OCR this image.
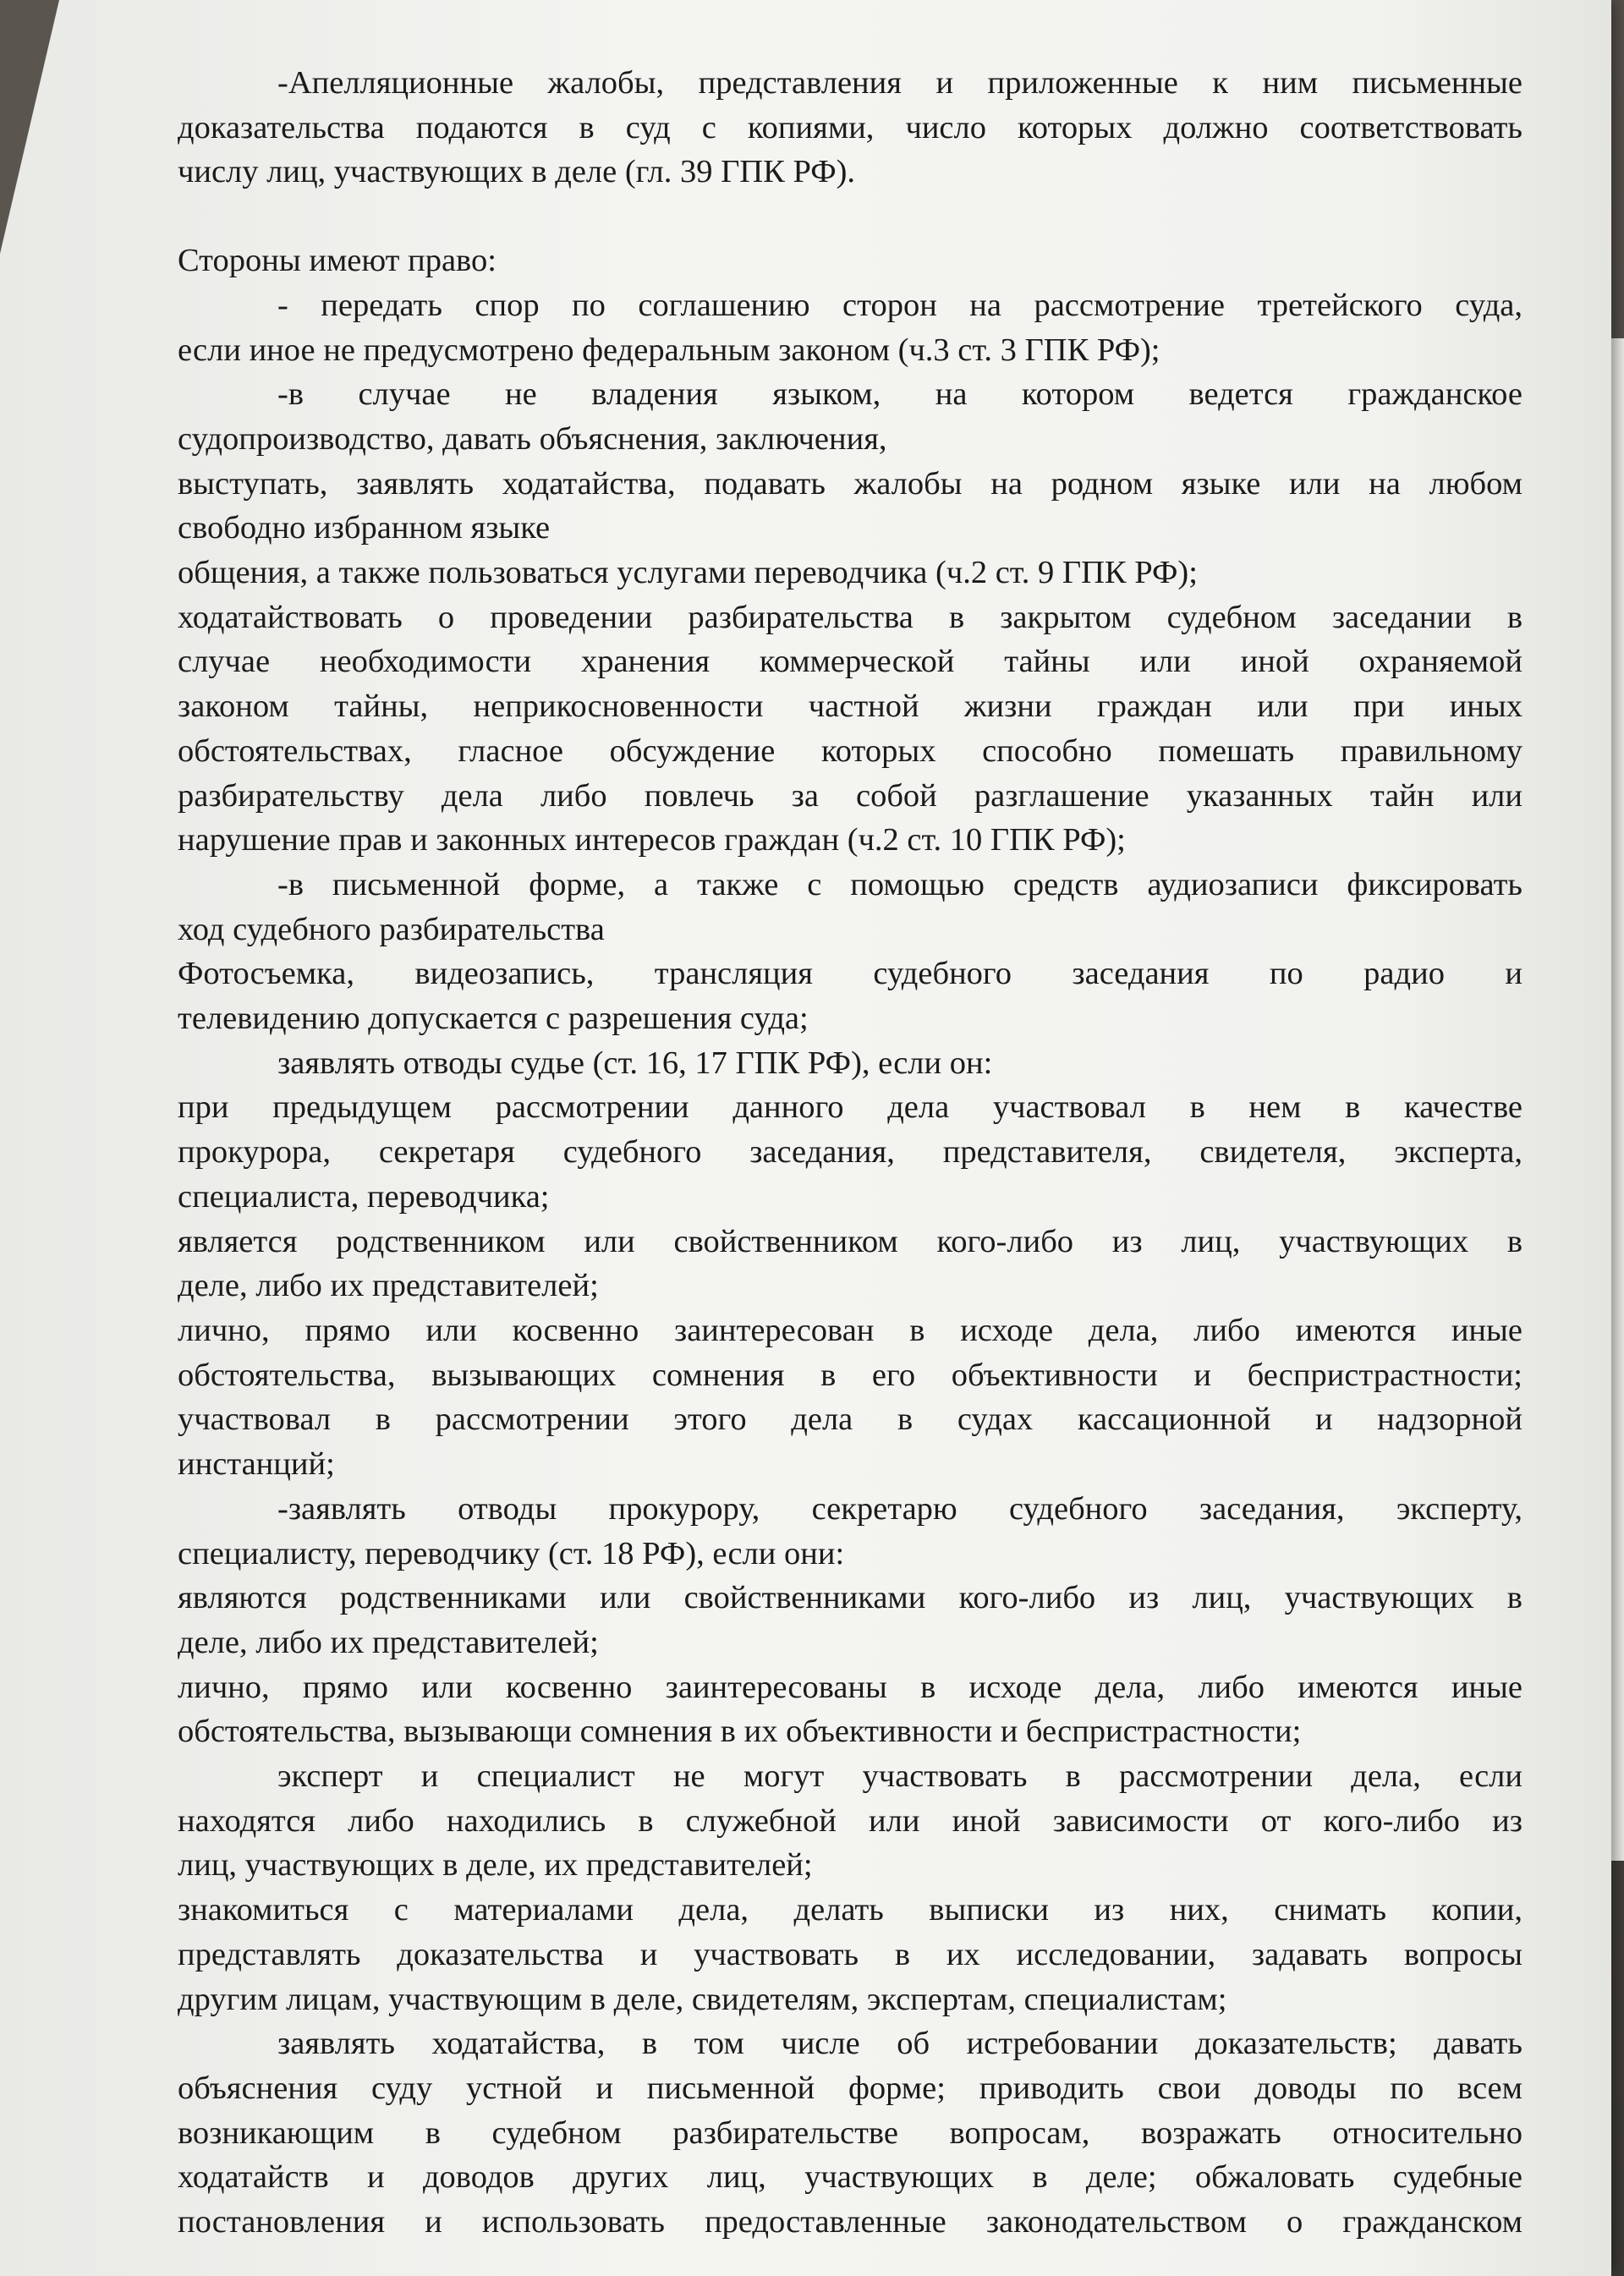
-Апелляционные жалобы, представления и приложенные к ним письменные
доказательства подаются в суд с копиями, число которых должно соответствовать
числу лиц, участвующих в деле (гл. 39 ГПК РФ).
Стороны имеют право:
- передать спор по соглашению сторон на рассмотрение третейского суда,
если иное не предусмотрено федеральным законом (ч.3 ст. 3 ГПК РФ);
-в случае не владения языком, на котором ведется гражданское
судопроизводство, давать объяснения, заключения,
выступать, заявлять ходатайства, подавать жалобы на родном языке или на любом
свободно избранном языке
общения, а также пользоваться услугами переводчика (ч.2 ст. 9 ГПК РФ);
ходатайствовать о проведении разбирательства в закрытом судебном заседании в
случае необходимости хранения коммерческой тайны или иной охраняемой
законом тайны, неприкосновенности частной жизни граждан или при иных
обстоятельствах, гласное обсуждение которых способно помешать правильному
разбирательству дела либо повлечь за собой разглашение указанных тайн или
нарушение прав и законных интересов граждан (ч.2 ст. 10 ГПК РФ);
-в письменной форме, а также с помощью средств аудиозаписи фиксировать
ход судебного разбирательства
Фотосъемка, видеозапись, трансляция судебного заседания по радио и
телевидению допускается с разрешения суда;
заявлять отводы судье (ст. 16, 17 ГПК РФ), если он:
при предыдущем рассмотрении данного дела участвовал в нем в качестве
прокурора, секретаря судебного заседания, представителя, свидетеля, эксперта,
специалиста, переводчика;
является родственником или свойственником кого-либо из лиц, участвующих в
деле, либо их представителей;
лично, прямо или косвенно заинтересован в исходе дела, либо имеются иные
обстоятельства, вызывающих сомнения в его объективности и беспристрастности;
участвовал в рассмотрении этого дела в судах кассационной и надзорной
инстанций;
-заявлять отводы прокурору, секретарю судебного заседания, эксперту,
специалисту, переводчику (ст. 18 РФ), если они:
являются родственниками или свойственниками кого-либо из лиц, участвующих в
деле, либо их представителей;
лично, прямо или косвенно заинтересованы в исходе дела, либо имеются иные
обстоятельства, вызывающи сомнения в их объективности и беспристрастности;
эксперт и специалист не могут участвовать в рассмотрении дела, если
находятся либо находились в служебной или иной зависимости от кого-либо из
лиц, участвующих в деле, их представителей;
знакомиться с материалами дела, делать выписки из них, снимать копии,
представлять доказательства и участвовать в их исследовании, задавать вопросы
другим лицам, участвующим в деле, свидетелям, экспертам, специалистам;
заявлять ходатайства, в том числе об истребовании доказательств; давать
объяснения суду устной и письменной форме; приводить свои доводы по всем
возникающим в судебном разбирательстве вопросам, возражать относительно
ходатайств и доводов других лиц, участвующих в деле; обжаловать судебные
постановления и использовать предоставленные законодательством о гражданском
